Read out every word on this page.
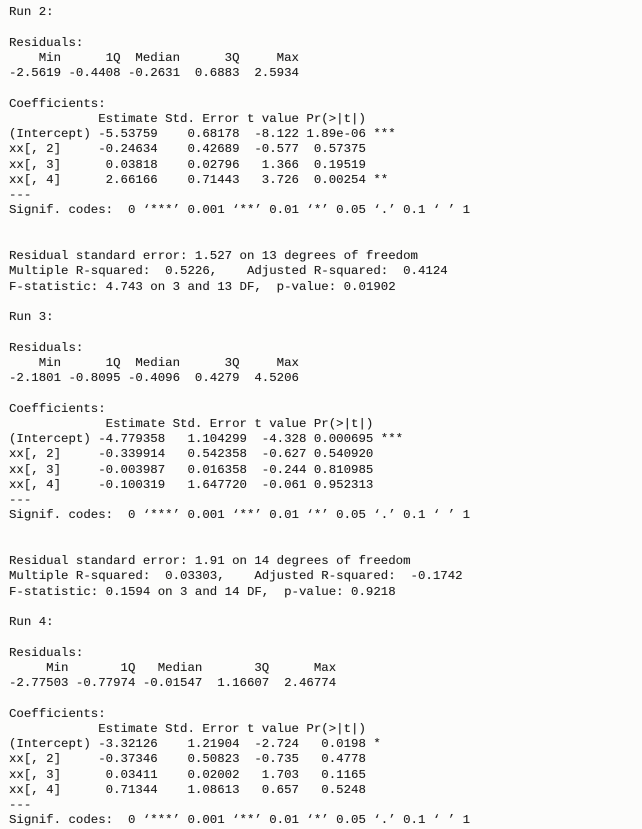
Run 2:
Residuals:
Min      1Q  Median      3Q     Max
-2.5619 -0.4408 -0.2631  0.6883  2.5934
Coefficients:
Estimate Std. Error t value Pr(>|t|)
(Intercept) -5.53759    0.68178  -8.122 1.89e-06 ***
xx[, 2]     -0.24634    0.42689  -0.577  0.57375
xx[, 3]      0.03818    0.02796   1.366  0.19519
xx[, 4]      2.66166    0.71443   3.726  0.00254 **
---
Signif. codes:  0 ‘***’ 0.001 ‘**’ 0.01 ‘*’ 0.05 ‘.’ 0.1 ‘ ’ 1
Residual standard error: 1.527 on 13 degrees of freedom
Multiple R-squared:  0.5226,    Adjusted R-squared:  0.4124
F-statistic: 4.743 on 3 and 13 DF,  p-value: 0.01902
Run 3:
Residuals:
Min      1Q  Median      3Q     Max
-2.1801 -0.8095 -0.4096  0.4279  4.5206
Coefficients:
Estimate Std. Error t value Pr(>|t|)
(Intercept) -4.779358   1.104299  -4.328 0.000695 ***
xx[, 2]     -0.339914   0.542358  -0.627 0.540920
xx[, 3]     -0.003987   0.016358  -0.244 0.810985
xx[, 4]     -0.100319   1.647720  -0.061 0.952313
---
Signif. codes:  0 ‘***’ 0.001 ‘**’ 0.01 ‘*’ 0.05 ‘.’ 0.1 ‘ ’ 1
Residual standard error: 1.91 on 14 degrees of freedom
Multiple R-squared:  0.03303,    Adjusted R-squared:  -0.1742
F-statistic: 0.1594 on 3 and 14 DF,  p-value: 0.9218
Run 4:
Residuals:
Min       1Q   Median       3Q      Max
-2.77503 -0.77974 -0.01547  1.16607  2.46774
Coefficients:
Estimate Std. Error t value Pr(>|t|)
(Intercept) -3.32126    1.21904  -2.724   0.0198 *
xx[, 2]     -0.37346    0.50823  -0.735   0.4778
xx[, 3]      0.03411    0.02002   1.703   0.1165
xx[, 4]      0.71344    1.08613   0.657   0.5248
---
Signif. codes:  0 ‘***’ 0.001 ‘**’ 0.01 ‘*’ 0.05 ‘.’ 0.1 ‘ ’ 1
